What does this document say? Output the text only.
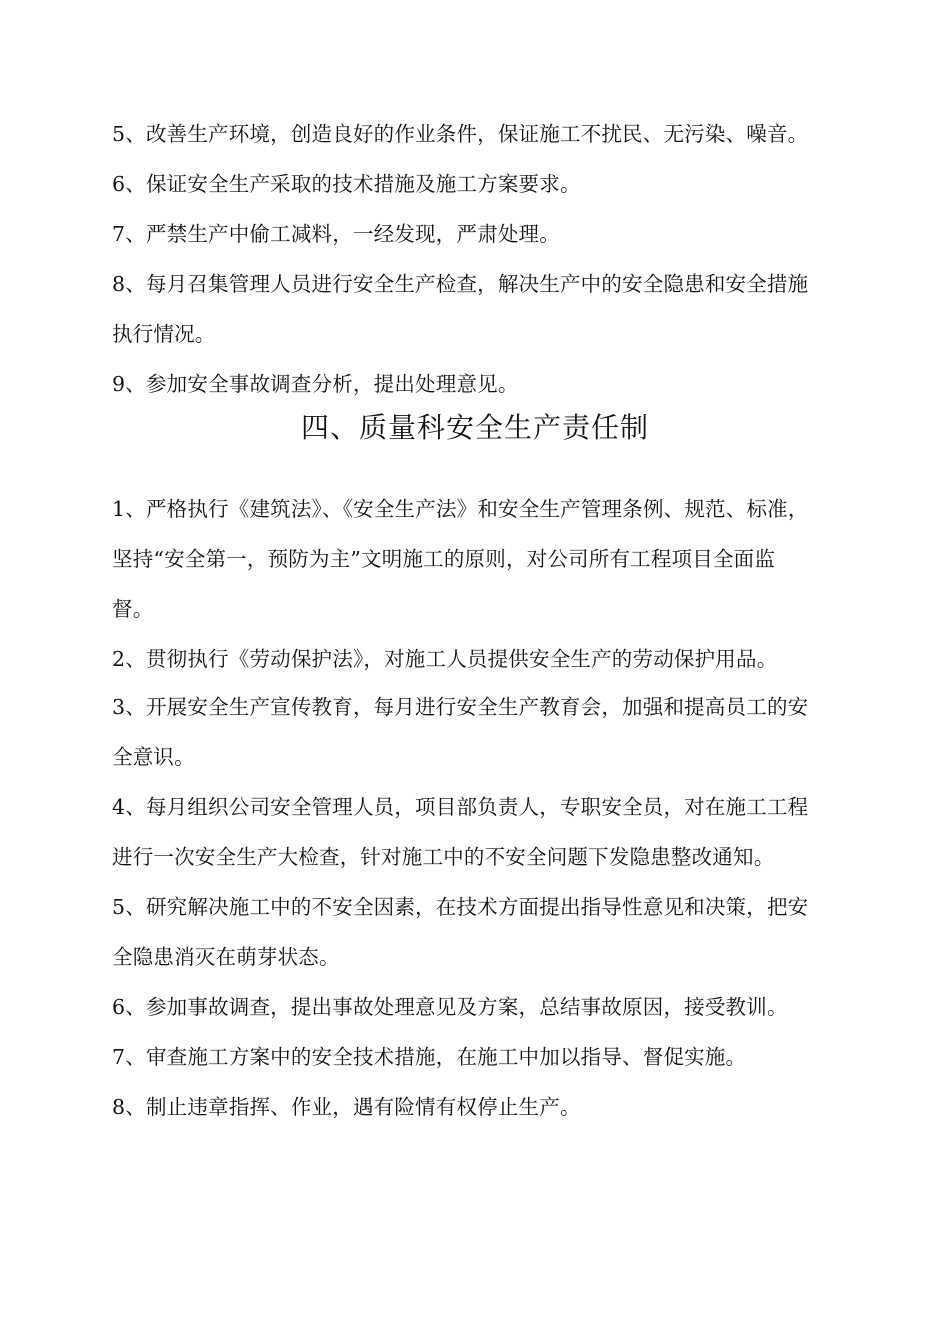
5、改善生产环境，创造良好的作业条件，保证施工不扰民、无污染、噪音。
6、保证安全生产采取的技术措施及施工方案要求。
7、严禁生产中偷工减料，一经发现，严肃处理。
8、每月召集管理人员进行安全生产检查，解决生产中的安全隐患和安全措施
执行情况。
9、参加安全事故调查分析，提出处理意见。
四、质量科安全生产责任制
1、严格执行《建筑法》、《安全生产法》和安全生产管理条例、规范、标准，
坚持“安全第一，预防为主”文明施工的原则，对公司所有工程项目全面监
督。
2、贯彻执行《劳动保护法》，对施工人员提供安全生产的劳动保护用品。
3、开展安全生产宣传教育，每月进行安全生产教育会，加强和提高员工的安
全意识。
4、每月组织公司安全管理人员，项目部负责人，专职安全员，对在施工工程
进行一次安全生产大检查，针对施工中的不安全问题下发隐患整改通知。
5、研究解决施工中的不安全因素，在技术方面提出指导性意见和决策，把安
全隐患消灭在萌芽状态。
6、参加事故调查，提出事故处理意见及方案，总结事故原因，接受教训。
7、审查施工方案中的安全技术措施，在施工中加以指导、督促实施。
8、制止违章指挥、作业，遇有险情有权停止生产。
